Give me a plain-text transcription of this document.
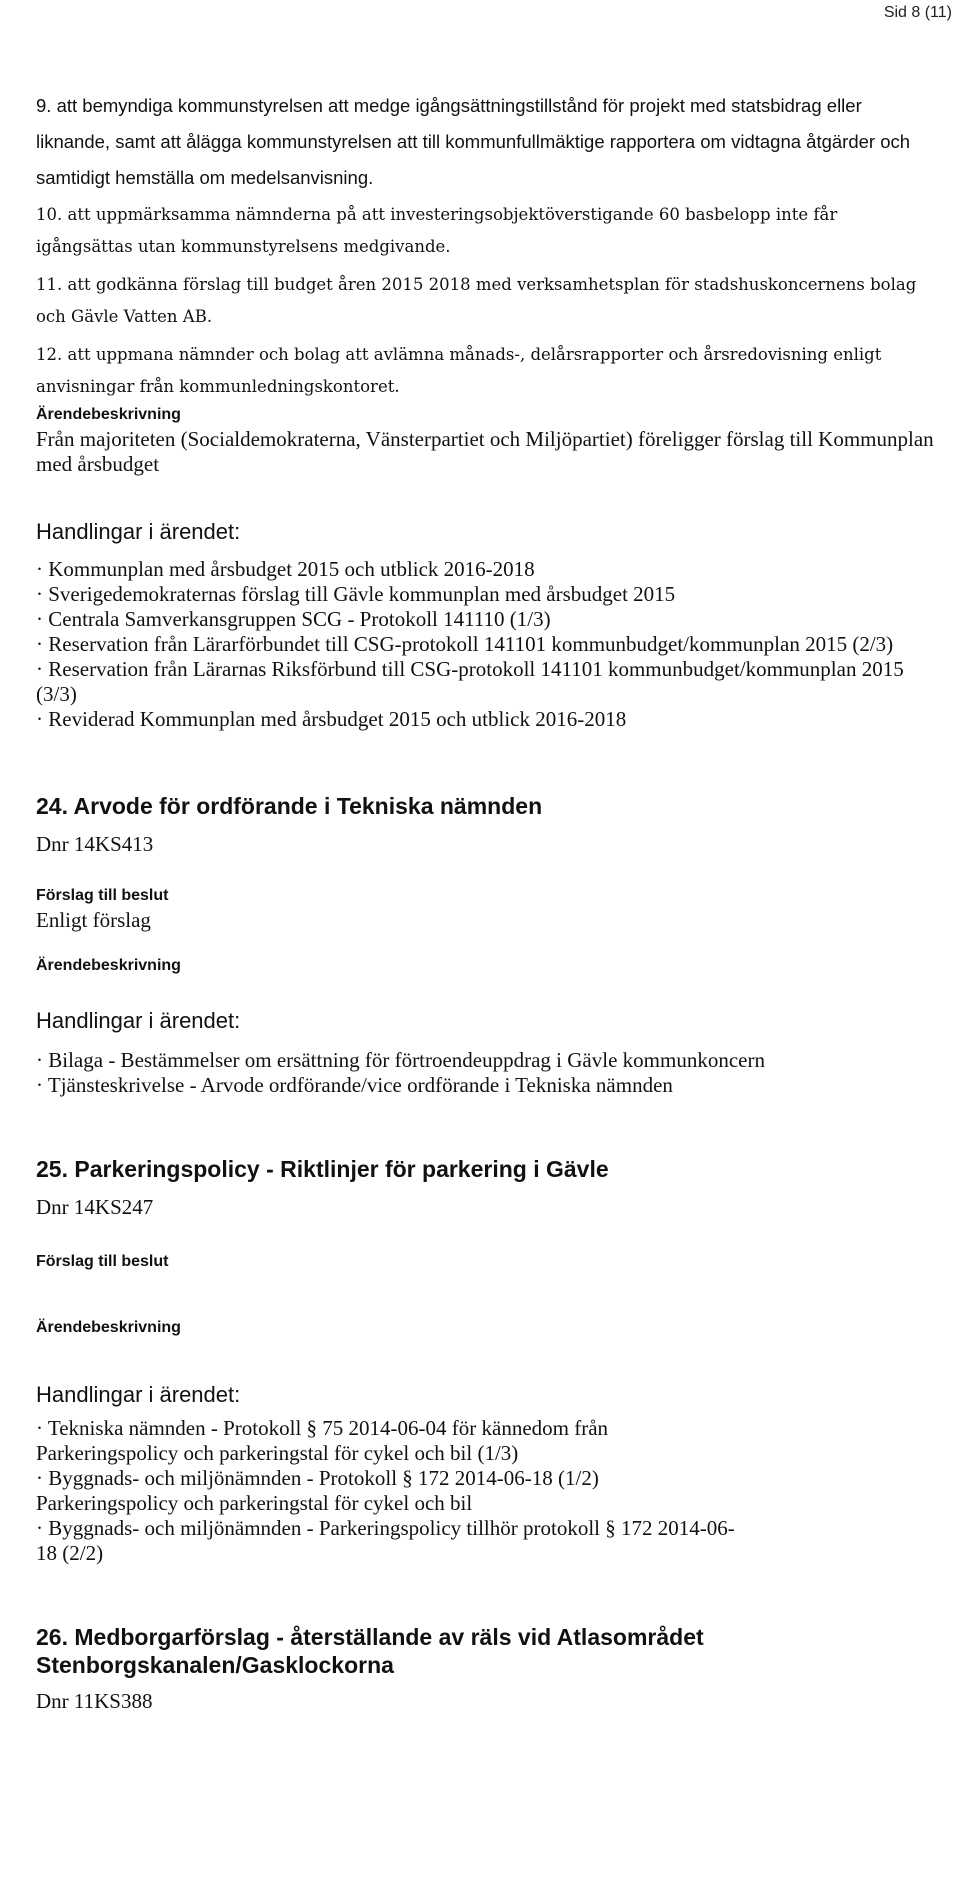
Sid 8 (11)

9. att bemyndiga kommunstyrelsen att medge igångsättningstillstånd för projekt med statsbidrag eller liknande, samt att ålägga kommunstyrelsen att till kommunfullmäktige rapportera om vidtagna åtgärder och samtidigt hemställa om medelsanvisning.

10. att uppmärksamma nämnderna på att investeringsobjektöverstigande 60 basbelopp inte får igångsättas utan kommunstyrelsens medgivande.

11. att godkänna förslag till budget åren 2015 2018 med verksamhetsplan för stadshuskoncernens bolag och Gävle Vatten AB.

12. att uppmana nämnder och bolag att avlämna månads-, delårsrapporter och årsredovisning enligt anvisningar från kommunledningskontoret.

Ärendebeskrivning

Från majoriteten (Socialdemokraterna, Vänsterpartiet och Miljöpartiet) föreligger förslag till Kommunplan med årsbudget

Handlingar i ärendet:

· Kommunplan med årsbudget 2015 och utblick 2016-2018
· Sverigedemokraternas förslag till Gävle kommunplan med årsbudget 2015
· Centrala Samverkansgruppen SCG - Protokoll 141110 (1/3)
· Reservation från Lärarförbundet till CSG-protokoll 141101 kommunbudget/kommunplan 2015 (2/3)
· Reservation från Lärarnas Riksförbund till CSG-protokoll 141101 kommunbudget/kommunplan 2015 (3/3)
· Reviderad Kommunplan med årsbudget 2015 och utblick 2016-2018
24. Arvode för ordförande i Tekniska nämnden

Dnr 14KS413

Förslag till beslut

Enligt förslag

Ärendebeskrivning

Handlingar i ärendet:

· Bilaga - Bestämmelser om ersättning för förtroendeuppdrag i Gävle kommunkoncern
· Tjänsteskrivelse - Arvode ordförande/vice ordförande i Tekniska nämnden
25. Parkeringspolicy - Riktlinjer för parkering i Gävle

Dnr 14KS247

Förslag till beslut

Ärendebeskrivning

Handlingar i ärendet:

· Tekniska nämnden - Protokoll § 75 2014-06-04 för kännedom från Parkeringspolicy och parkeringstal för cykel och bil (1/3)
· Byggnads- och miljönämnden - Protokoll § 172 2014-06-18 (1/2) Parkeringspolicy och parkeringstal för cykel och bil
· Byggnads- och miljönämnden - Parkeringspolicy tillhör protokoll § 172 2014-06-18 (2/2)
26. Medborgarförslag - återställande av räls vid Atlasområdet Stenborgskanalen/Gasklockorna

Dnr 11KS388
